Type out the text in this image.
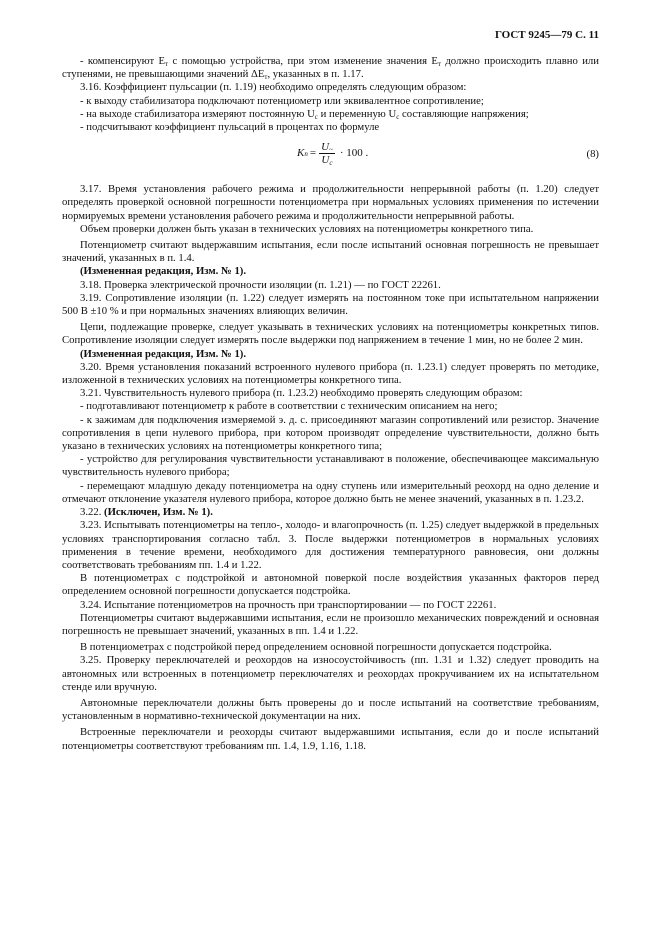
ГОСТ 9245—79 С. 11

- компенсируют $E_т$ с помощью устройства, при этом изменение значения $E_т$ должно происходить плавно или ступенями, не превышающими значений $\Delta E_т$, указанных в п. 1.17.

3.16. Коэффициент пульсации (п. 1.19) необходимо определять следующим образом:

- к выходу стабилизатора подключают потенциометр или эквивалентное сопротивление;

- на выходе стабилизатора измеряют постоянную $U_с$ и переменную $U_с$ составляющие напряжения;

- подсчитывают коэффициент пульсаций в процентах по формуле

K $п = \frac{U_\sim}{U_с} \cdot 100$ .	(8)

3.17. Время установления рабочего режима и продолжительности непрерывной работы (п. 1.20) следует определять проверкой основной погрешности потенциометра при нормальных условиях применения по истечении нормируемых времени установления рабочего режима и продолжительности непрерывной работы.

Объем проверки должен быть указан в технических условиях на потенциометры конкретного типа.

Потенциометр считают выдержавшим испытания, если после испытаний основная погрешность не превышает значений, указанных в п. 1.4.

(Измененная редакция, Изм. № 1).

3.18. Проверка электрической прочности изоляции (п. 1.21) — по ГОСТ 22261.

3.19. Сопротивление изоляции (п. 1.22) следует измерять на постоянном токе при испытательном напряжении 500 В ±10 % и при нормальных значениях влияющих величин.

Цепи, подлежащие проверке, следует указывать в технических условиях на потенциометры конкретных типов. Сопротивление изоляции следует измерять после выдержки под напряжением в течение 1 мин, но не более 2 мин.

(Измененная редакция, Изм. № 1).

3.20. Время установления показаний встроенного нулевого прибора (п. 1.23.1) следует проверять по методике, изложенной в технических условиях на потенциометры конкретного типа.

3.21. Чувствительность нулевого прибора (п. 1.23.2) необходимо проверять следующим образом:

- подготавливают потенциометр к работе в соответствии с техническим описанием на него;

- к зажимам для подключения измеряемой э. д. с. присоединяют магазин сопротивлений или резистор. Значение сопротивления в цепи нулевого прибора, при котором производят определение чувствительности, должно быть указано в технических условиях на потенциометры конкретного типа;

- устройство для регулирования чувствительности устанавливают в положение, обеспечивающее максимальную чувствительность нулевого прибора;

- перемещают младшую декаду потенциометра на одну ступень или измерительный реохорд на одно деление и отмечают отклонение указателя нулевого прибора, которое должно быть не менее значений, указанных в п. 1.23.2.

3.22. (Исключен, Изм. № 1).

3.23. Испытывать потенциометры на тепло-, холодо- и влагопрочность (п. 1.25) следует выдержкой в предельных условиях транспортирования согласно табл. 3. После выдержки потенциометров в нормальных условиях применения в течение времени, необходимого для достижения температурного равновесия, они должны соответствовать требованиям пп. 1.4 и 1.22.

В потенциометрах с подстройкой и автономной поверкой после воздействия указанных факторов перед определением основной погрешности допускается подстройка.

3.24. Испытание потенциометров на прочность при транспортировании — по ГОСТ 22261.

Потенциометры считают выдержавшими испытания, если не произошло механических повреждений и основная погрешность не превышает значений, указанных в пп. 1.4 и 1.22.

В потенциометрах с подстройкой перед определением основной погрешности допускается подстройка.

3.25. Проверку переключателей и реохордов на износоустойчивость (пп. 1.31 и 1.32) следует проводить на автономных или встроенных в потенциометр переключателях и реохордах прокручиванием их на испытательном стенде или вручную.

Автономные переключатели должны быть проверены до и после испытаний на соответствие требованиям, установленным в нормативно-технической документации на них.

Встроенные переключатели и реохорды считают выдержавшими испытания, если до и после испытаний потенциометры соответствуют требованиям пп. 1.4, 1.9, 1.16, 1.18.
